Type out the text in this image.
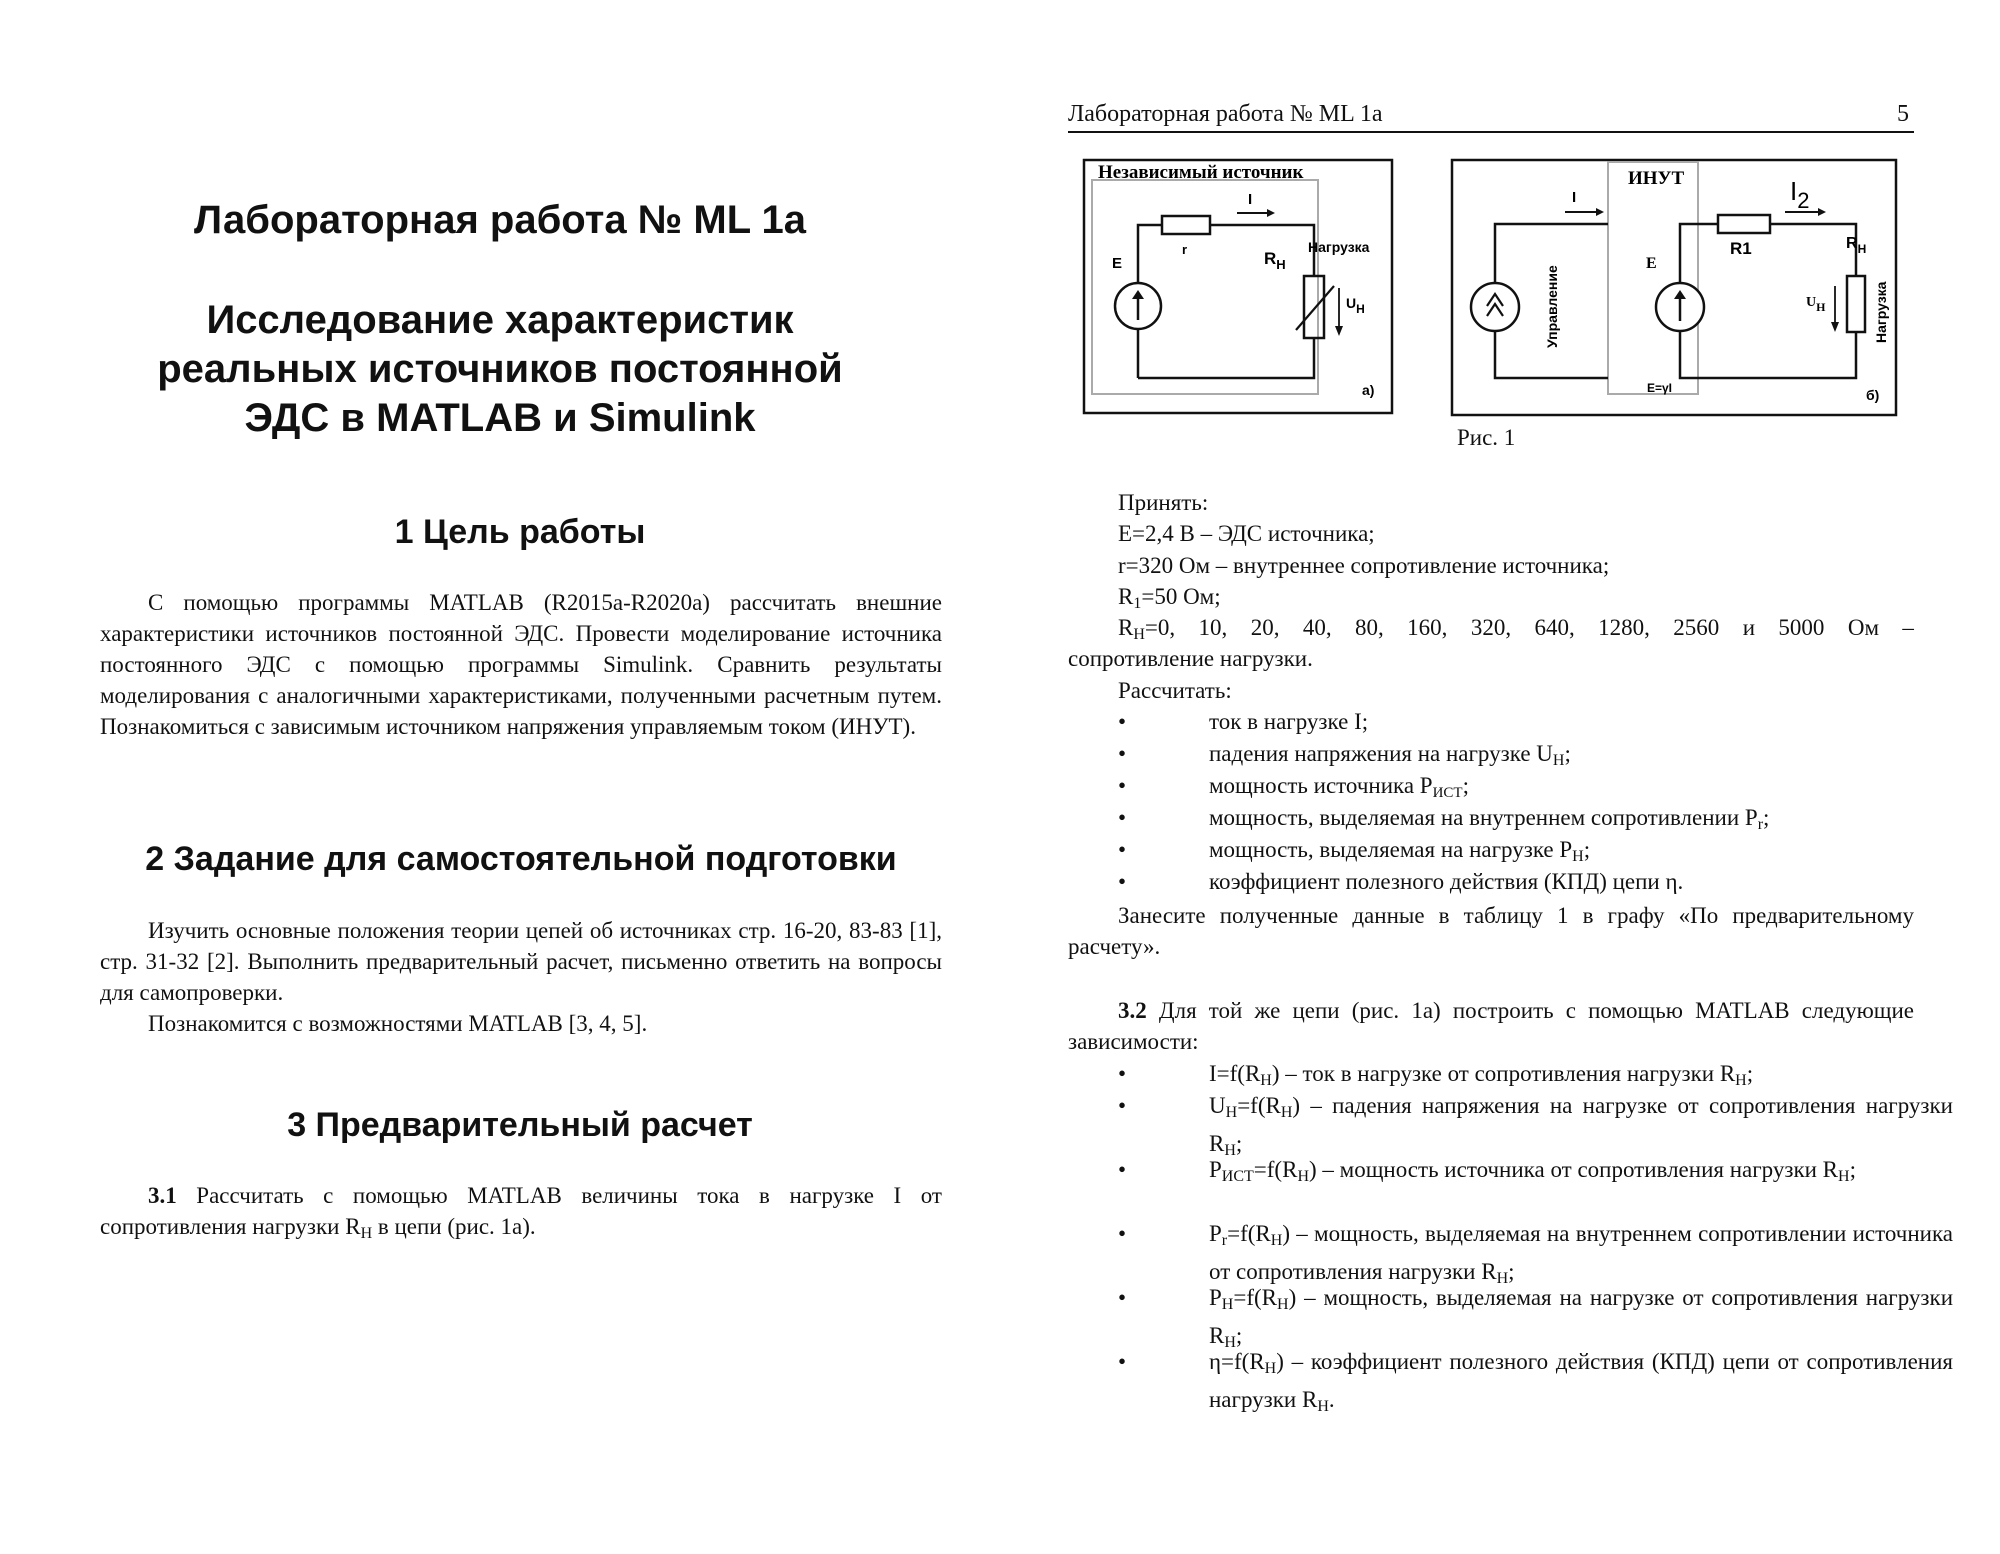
Лабораторная работа № ML 1а
Исследование характеристик
реальных источников постоянной
ЭДС в MATLAB и Simulink
1 Цель работы
С помощью программы MATLAB (R2015a-R2020a) рассчитать внешние характеристики источников постоянной ЭДС. Провести моделирование источника постоянного ЭДС с помощью программы Simulink. Сравнить результаты моделирования с аналогичными характеристиками, полученными расчетным путем. Познакомиться с зависимым источником напряжения управляемым током (ИНУТ).
2 Задание для самостоятельной подготовки
Изучить основные положения теории цепей об источниках стр. 16-20, 83-83 [1], стр. 31-32 [2]. Выполнить предварительный расчет, письменно ответить на вопросы для самопроверки.
Познакомится с возможностями MATLAB [3, 4, 5].
3 Предварительный расчет
3.1 Рассчитать с помощью MATLAB величины тока в нагрузке I от сопротивления нагрузки $R_Н$ в цепи (рис. 1а).
Лабораторная работа № ML 1а	5
Независимый источник
I
E
r	$R_H$
Нагрузка
UH
а)
ИНУТ
I
Управление
E
$I_2$
R1	$R_H$
Нагрузка
UH
E=γI	б)
Рис. 1
Принять:
E=2,4 В – ЭДС источника;
r=320 Ом – внутреннее сопротивление источника;
$R_1=50$ Ом;
$R_Н=0$, 10, 20, 40, 80, 160, 320, 640, 1280, 2560 и 5000 Ом –
сопротивление нагрузки.
Рассчитать:
•	ток в нагрузке I;
•	падения напряжения на нагрузке $U_Н$;
•	мощность источника $P_{ИСТ}$;
•	мощность, выделяемая на внутреннем сопротивлении $P_r$;
•	мощность, выделяемая на нагрузке $P_Н$;
•	коэффициент полезного действия (КПД) цепи η.
Занесите полученные данные в таблицу 1 в графу «По предварительному расчету».
3.2 Для той же цепи (рис. 1а) построить с помощью MATLAB следующие зависимости:
•	$I=f(R_Н)$ – ток в нагрузке от сопротивления нагрузки $R_Н$;
•	$U_Н=f(R_Н)$ – падения напряжения на нагрузке от сопротивления нагрузки $R_Н$;
•	$P_{ИСТ}=f(R_Н)$ – мощность источника от сопротивления нагрузки $R_Н$;
•	$P_r=f(R_Н)$ – мощность, выделяемая на внутреннем сопротивлении источника от сопротивления нагрузки $R_Н$;
•	$P_Н=f(R_Н)$ – мощность, выделяемая на нагрузке от сопротивления нагрузки $R_Н$;
•	$\eta=f(R_Н)$ – коэффициент полезного действия (КПД) цепи от сопротивления нагрузки $R_Н$.
